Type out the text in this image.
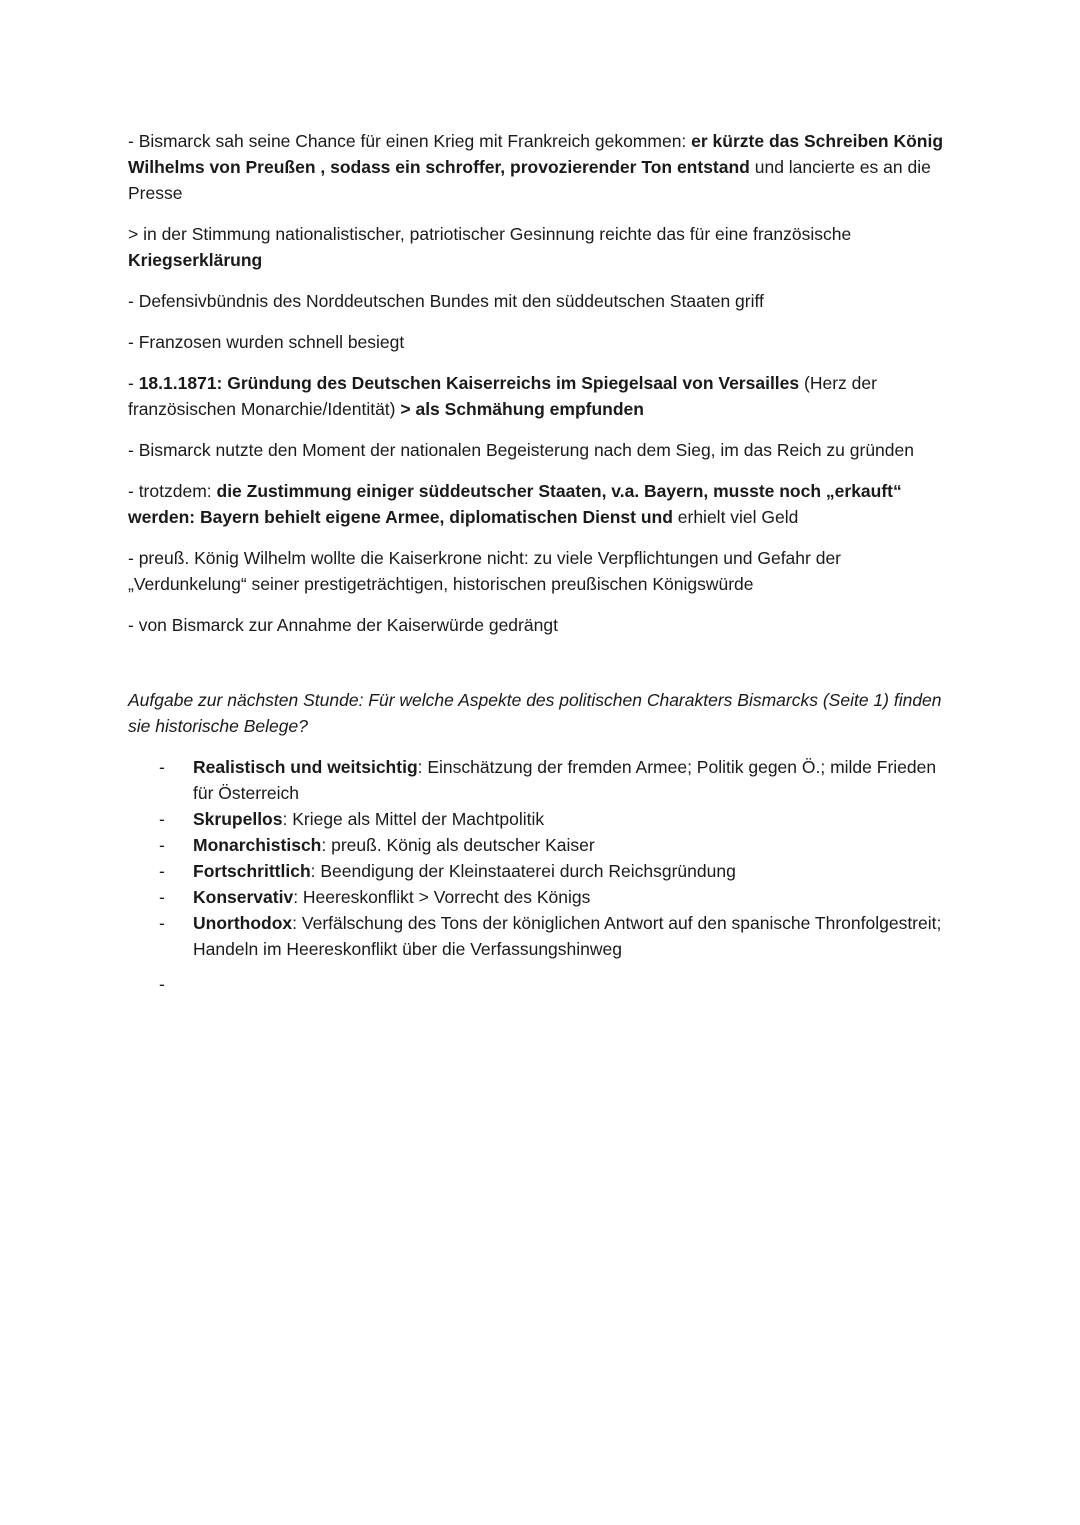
- Bismarck sah seine Chance für einen Krieg mit Frankreich gekommen: er kürzte das Schreiben König Wilhelms von Preußen , sodass ein schroffer, provozierender Ton entstand und lancierte es an die Presse

> in der Stimmung nationalistischer, patriotischer Gesinnung reichte das für eine französische Kriegserklärung

- Defensivbündnis des Norddeutschen Bundes mit den süddeutschen Staaten griff

- Franzosen wurden schnell besiegt

- 18.1.1871: Gründung des Deutschen Kaiserreichs im Spiegelsaal von Versailles (Herz der französischen Monarchie/Identität) > als Schmähung empfunden

- Bismarck nutzte den Moment der nationalen Begeisterung nach dem Sieg, im das Reich zu gründen

- trotzdem: die Zustimmung einiger süddeutscher Staaten, v.a. Bayern, musste noch „erkauft“ werden: Bayern behielt eigene Armee, diplomatischen Dienst und erhielt viel Geld

- preuß. König Wilhelm wollte die Kaiserkrone nicht: zu viele Verpflichtungen und Gefahr der „Verdunkelung“ seiner prestigeträchtigen, historischen preußischen Königswürde

- von Bismarck zur Annahme der Kaiserwürde gedrängt

Aufgabe zur nächsten Stunde: Für welche Aspekte des politischen Charakters Bismarcks (Seite 1) finden sie historische Belege?
- Realistisch und weitsichtig: Einschätzung der fremden Armee; Politik gegen Ö.; milde Frieden für Österreich
- Skrupellos: Kriege als Mittel der Machtpolitik
- Monarchistisch: preuß. König als deutscher Kaiser
- Fortschrittlich: Beendigung der Kleinstaaterei durch Reichsgründung
- Konservativ: Heereskonflikt > Vorrecht des Königs
- Unorthodox: Verfälschung des Tons der königlichen Antwort auf den spanische Thronfolgestreit; Handeln im Heereskonflikt über die Verfassungshinweg
-
